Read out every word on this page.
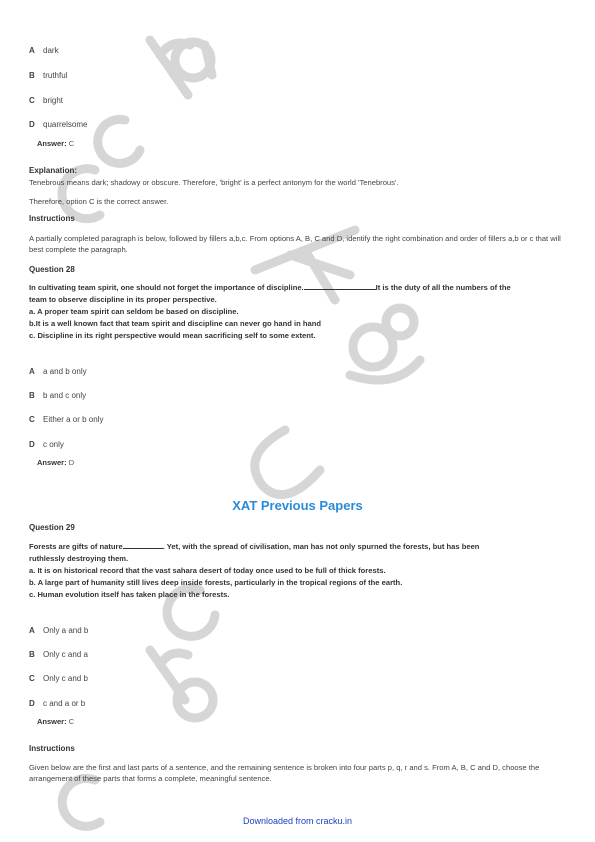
A dark
B truthful
C bright
D quarrelsome
Answer: C
Explanation:
Tenebrous means dark; shadowy or obscure. Therefore, 'bright' is a perfect antonym for the world 'Tenebrous'.
Therefore, option C is the correct answer.
Instructions
A partially completed paragraph is below, followed by fillers a,b,c. From options A, B, C and D, identify the right combination and order of fillers a,b or c that will best complete the paragraph.
Question 28
In cultivating team spirit, one should not forget the importance of discipline.	It is the duty of all the numbers of the
team to observe discipline in its proper perspective.
a. A proper team spirit can seldom be based on discipline.
b.It is a well known fact that team spirit and discipline can never go hand in hand
c. Discipline in its right perspective would mean sacrificing self to some extent.
A a and b only
B b and c only
C Either a or b only
D c only
Answer: D
XAT Previous Papers
Question 29
Forests are gifts of nature	. Yet, with the spread of civilisation, man has not only spurned the forests, but has been
ruthlessly destroying them.
a. It is on historical record that the vast sahara desert of today once used to be full of thick forests.
b. A large part of humanity still lives deep inside forests, particularly in the tropical regions of the earth.
c. Human evolution itself has taken place in the forests.
A Only a and b
B Only c and a
C Only c and b
D c and a or b
Answer: C
Instructions
Given below are the first and last parts of a sentence, and the remaining sentence is broken into four parts p, q, r and s. From A, B, C and D, choose the arrangement of these parts that forms a complete, meaningful sentence.
Downloaded from cracku.in
